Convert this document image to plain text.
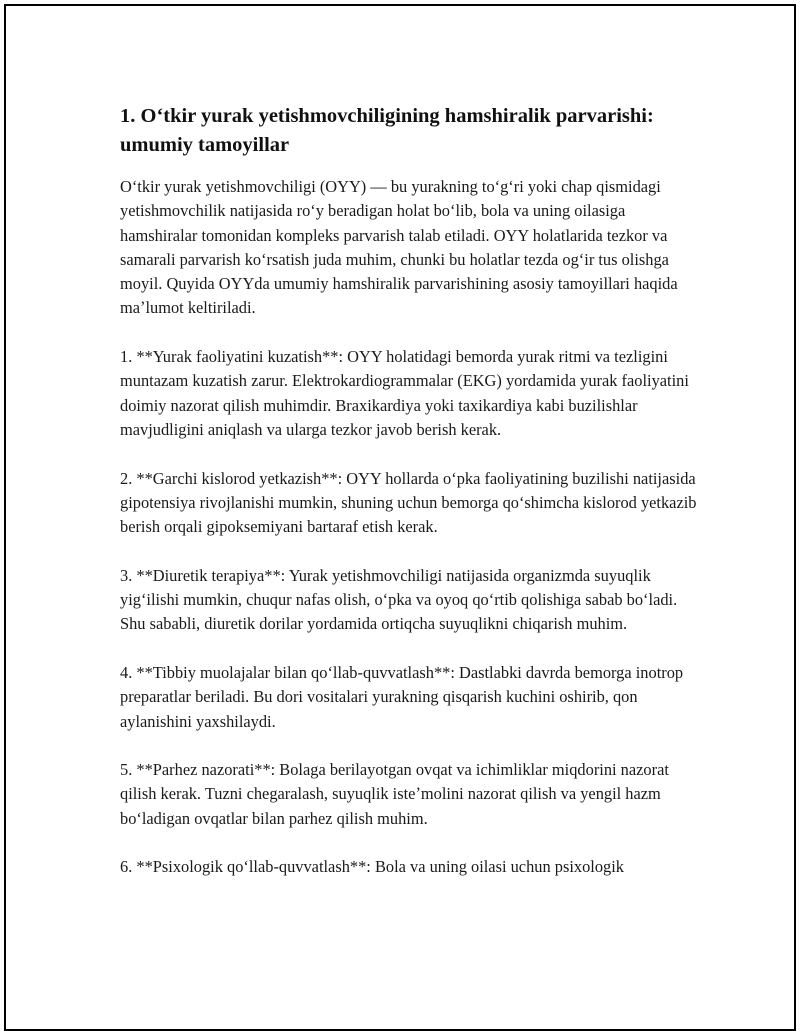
1. Oʻtkir yurak yetishmovchiligining hamshiralik parvarishi: umumiy tamoyillar

Oʻtkir yurak yetishmovchiligi (OYY) — bu yurakning toʻgʻri yoki chap qismidagi yetishmovchilik natijasida roʻy beradigan holat boʻlib, bola va uning oilasiga hamshiralar tomonidan kompleks parvarish talab etiladi. OYY holatlarida tezkor va samarali parvarish koʻrsatish juda muhim, chunki bu holatlar tezda ogʻir tus olishga moyil. Quyida OYYda umumiy hamshiralik parvarishining asosiy tamoyillari haqida maʼlumot keltiriladi.

1. **Yurak faoliyatini kuzatish**: OYY holatidagi bemorda yurak ritmi va tezligini muntazam kuzatish zarur. Elektrokardiogrammalar (EKG) yordamida yurak faoliyatini doimiy nazorat qilish muhimdir. Braxikardiya yoki taxikardiya kabi buzilishlar mavjudligini aniqlash va ularga tezkor javob berish kerak.

2. **Garchi kislorod yetkazish**: OYY hollarda oʻpka faoliyatining buzilishi natijasida gipotensiya rivojlanishi mumkin, shuning uchun bemorga qoʻshimcha kislorod yetkazib berish orqali gipoksemiyani bartaraf etish kerak.

3. **Diuretik terapiya**: Yurak yetishmovchiligi natijasida organizmda suyuqlik yigʻilishi mumkin, chuqur nafas olish, oʻpka va oyoq qoʻrtib qolishiga sabab boʻladi. Shu sababli, diuretik dorilar yordamida ortiqcha suyuqlikni chiqarish muhim.

4. **Tibbiy muolajalar bilan qoʻllab-quvvatlash**: Dastlabki davrda bemorga inotrop preparatlar beriladi. Bu dori vositalari yurakning qisqarish kuchini oshirib, qon aylanishini yaxshilaydi.

5. **Parhez nazorati**: Bolaga berilayotgan ovqat va ichimliklar miqdorini nazorat qilish kerak. Tuzni chegaralash, suyuqlik isteʼmolini nazorat qilish va yengil hazm boʻladigan ovqatlar bilan parhez qilish muhim.

6. **Psixologik qoʻllab-quvvatlash**: Bola va uning oilasi uchun psixologik
